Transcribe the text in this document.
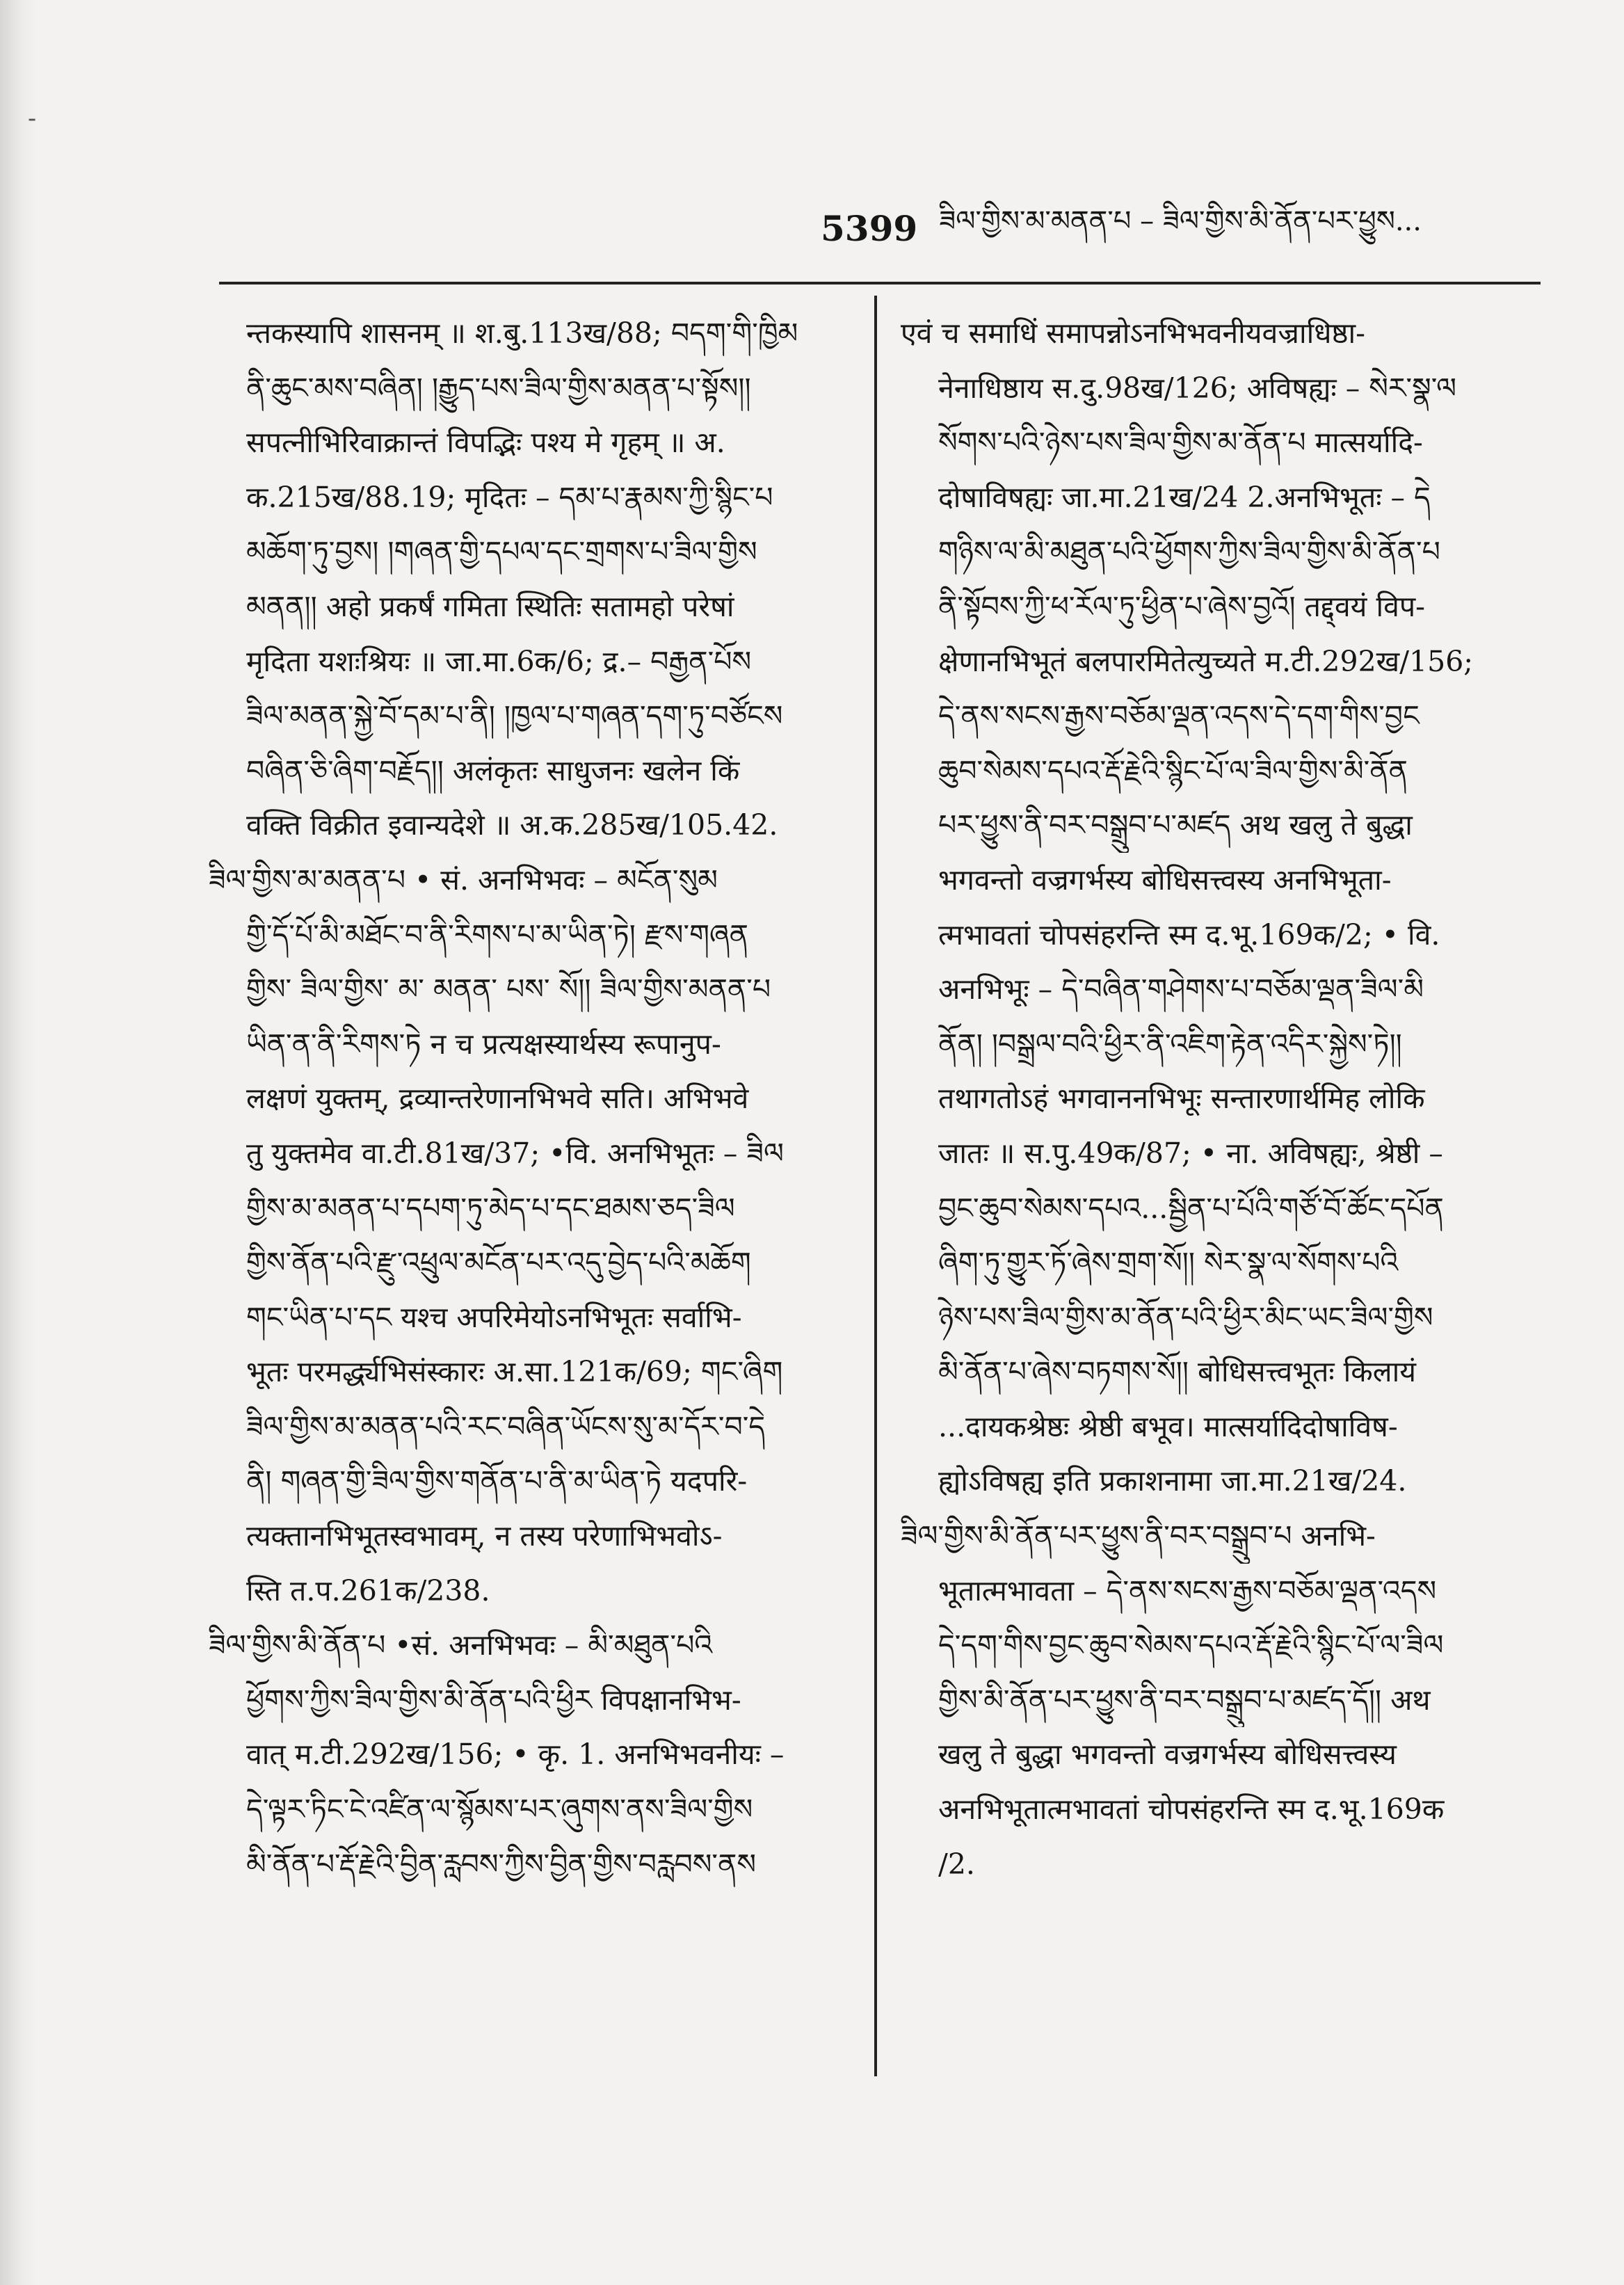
-
5399 ཟིལ་གྱིས་མ་མནན་པ – ཟིལ་གྱིས་མི་ནོན་པར་ཕྱུས...
न्तकस्यापि शासनम् ॥ श.बु.113ख/88; བདག་གི་ཁྱིམ
ནི་ཆུང་མས་བཞིན། །རྒྱུད་པས་ཟིལ་གྱིས་མནན་པ་སྟོས།།
सपत्नीभिरिवाक्रान्तं विपद्भिः पश्य मे गृहम् ॥ अ.
क.215ख/88.19; मृदितः – དམ་པ་རྣམས་ཀྱི་སྙིང་པ
མཆོག་ཏུ་བྱས། །གཞན་གྱི་དཔལ་དང་གྲགས་པ་ཟིལ་གྱིས
མནན།། अहो प्रकर्षं गमिता स्थितिः सतामहो परेषां
मृदिता यशःश्रियः ॥ जा.मा.6क/6; द्र.– བརྒྱན་པོས
ཟིལ་མནན་སྐྱེ་བོ་དམ་པ་ནི། །ཁྱལ་པ་གཞན་དག་ཏུ་བཙོངས
བཞིན་ཅི་ཞིག་བརྗོད།། अलंकृतः साधुजनः खलेन किं
वक्ति विक्रीत इवान्यदेशे ॥ अ.क.285ख/105.42.
ཟིལ་གྱིས་མ་མནན་པ • सं. अनभिभवः – མངོན་སུམ
གྱི་དོ་པོ་མི་མཐོང་བ་ནི་རིགས་པ་མ་ཡིན་ཏེ། རྫས་གཞན
གྱིས་ ཟིལ་གྱིས་ མ་ མནན་ པས་ སོ།། ཟིལ་གྱིས་མནན་པ
ཡིན་ན་ནི་རིགས་ཏེ न च प्रत्यक्षस्यार्थस्य रूपानुप-
लक्षणं युक्तम्, द्रव्यान्तरेणानभिभवे सति। अभिभवे
तु युक्तमेव वा.टी.81ख/37; •वि. अनभिभूतः – ཟིལ
གྱིས་མ་མནན་པ་དཔག་ཏུ་མེད་པ་དང་ཐམས་ཅད་ཟིལ
གྱིས་ནོན་པའི་རྫུ་འཕྲུལ་མངོན་པར་འདུ་བྱེད་པའི་མཆོག
གང་ཡིན་པ་དང यश्च अपरिमेयोऽनभिभूतः सर्वाभि-
भूतः परमर्द्ध्यभिसंस्कारः अ.सा.121क/69; གང་ཞིག
ཟིལ་གྱིས་མ་མནན་པའི་རང་བཞིན་ཡོངས་སུ་མ་དོར་བ་དེ
ནི། གཞན་གྱི་ཟིལ་གྱིས་གནོན་པ་ནི་མ་ཡིན་ཏེ यदपरि-
त्यक्तानभिभूतस्वभावम्, न तस्य परेणाभिभवोऽ-
स्ति त.प.261क/238.
ཟིལ་གྱིས་མི་ནོན་པ •सं. अनभिभवः – མི་མཐུན་པའི
ཕྱོགས་ཀྱིས་ཟིལ་གྱིས་མི་ནོན་པའི་ཕྱིར विपक्षानभिभ-
वात् म.टी.292ख/156; • कृ. 1. अनभिभवनीयः –
དེ་ལྟར་ཏིང་ངེ་འཛིན་ལ་སྙོམས་པར་ཞུགས་ནས་ཟིལ་གྱིས
མི་ནོན་པ་རྡོ་རྗེའི་བྱིན་རླབས་ཀྱིས་བྱིན་གྱིས་བརླབས་ནས
एवं च समाधिं समापन्नोऽनभिभवनीयवज्राधिष्ठा-
नेनाधिष्ठाय स.दु.98ख/126; अविषह्यः – སེར་སྣ་ལ
སོགས་པའི་ཉེས་པས་ཟིལ་གྱིས་མ་ནོན་པ मात्सर्यादि-
दोषाविषह्यः जा.मा.21ख/24 2.अनभिभूतः – དེ
གཉིས་ལ་མི་མཐུན་པའི་ཕྱོགས་ཀྱིས་ཟིལ་གྱིས་མི་ནོན་པ
ནི་སྟོབས་ཀྱི་ཕ་རོལ་ཏུ་ཕྱིན་པ་ཞེས་བྱའོ། तद्द्वयं विप-
क्षेणानभिभूतं बलपारमितेत्युच्यते म.टी.292ख/156;
དེ་ནས་སངས་རྒྱས་བཅོམ་ལྡན་འདས་དེ་དག་གིས་བྱང
ཆུབ་སེམས་དཔའ་རྡོ་རྗེའི་སྙིང་པོ་ལ་ཟིལ་གྱིས་མི་ནོན
པར་ཕྱུས་ནི་བར་བསྒྲུབ་པ་མཛད अथ खलु ते बुद्धा
भगवन्तो वज्रगर्भस्य बोधिसत्त्वस्य अनभिभूता-
त्मभावतां चोपसंहरन्ति स्म द.भू.169क/2; • वि.
अनभिभूः – དེ་བཞིན་གཤེགས་པ་བཅོམ་ལྡན་ཟིལ་མི
ནོན། །བསྒྲལ་བའི་ཕྱིར་ནི་འཇིག་རྟེན་འདིར་སྐྱེས་ཏེ།།
तथागतोऽहं भगवाननभिभूः सन्तारणार्थमिह लोकि
जातः ॥ स.पु.49क/87; • ना. अविषह्यः, श्रेष्ठी –
བྱང་ཆུབ་སེམས་དཔའ...སྦྱིན་པ་པོའི་གཙོ་བོ་ཚོང་དཔོན
ཞིག་ཏུ་གྱུར་ཏོ་ཞེས་གྲག་སོ།། སེར་སྣ་ལ་སོགས་པའི
ཉེས་པས་ཟིལ་གྱིས་མ་ནོན་པའི་ཕྱིར་མིང་ཡང་ཟིལ་གྱིས
མི་ནོན་པ་ཞེས་བཏགས་སོ།། बोधिसत्त्वभूतः किलायं
...दायकश्रेष्ठः श्रेष्ठी बभूव। मात्सर्यादिदोषाविष-
ह्योऽविषह्य इति प्रकाशनामा जा.मा.21ख/24.
ཟིལ་གྱིས་མི་ནོན་པར་ཕྱུས་ནི་བར་བསྒྲུབ་པ अनभि-
भूतात्मभावता – དེ་ནས་སངས་རྒྱས་བཅོམ་ལྡན་འདས
དེ་དག་གིས་བྱང་ཆུབ་སེམས་དཔའ་རྡོ་རྗེའི་སྙིང་པོ་ལ་ཟིལ
གྱིས་མི་ནོན་པར་ཕྱུས་ནི་བར་བསྒྲུབ་པ་མཛད་དོ།། अथ
खलु ते बुद्धा भगवन्तो वज्रगर्भस्य बोधिसत्त्वस्य
अनभिभूतात्मभावतां चोपसंहरन्ति स्म द.भू.169क
/2.
